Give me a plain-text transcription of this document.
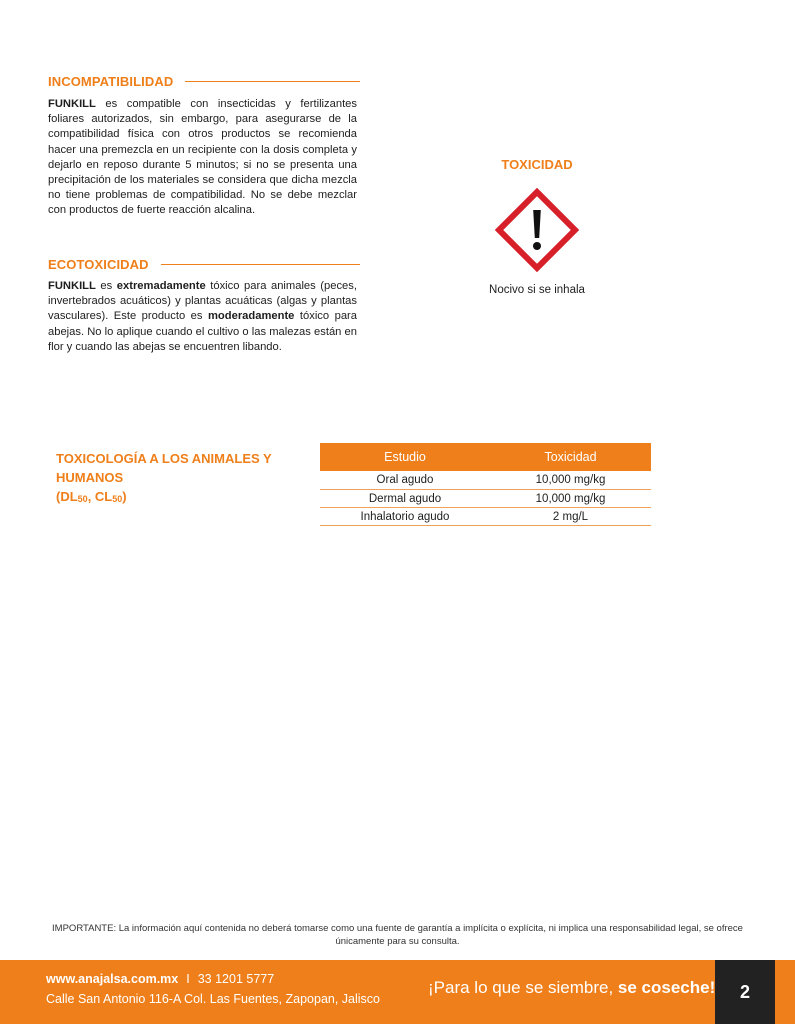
INCOMPATIBILIDAD

FUNKILL es compatible con insecticidas y fertilizantes foliares autorizados, sin embargo, para asegurarse de la compatibilidad física con otros productos se recomienda hacer una premezcla en un recipiente con la dosis completa y dejarlo en reposo durante 5 minutos; si no se presenta una precipitación de los materiales se considera que dicha mezcla no tiene problemas de compatibilidad. No se debe mezclar con productos de fuerte reacción alcalina.

ECOTOXICIDAD

FUNKILL es extremadamente tóxico para animales (peces, invertebrados acuáticos) y plantas acuáticas (algas y plantas vasculares). Este producto es moderadamente tóxico para abejas. No lo aplique cuando el cultivo o las malezas están en flor y cuando las abejas se encuentren libando.

TOXICIDAD
Nocivo si se inhala
TOXICOLOGÍA A LOS ANIMALES Y HUMANOS
($DL_{50}$, $CL_{50}$)
Estudio	Toxicidad
Oral agudo	10,000 mg/kg
Dermal agudo	10,000 mg/kg
Inhalatorio agudo	2 mg/L

IMPORTANTE: La información aquí contenida no deberá tomarse como una fuente de garantía a implícita o explícita, ni implica una responsabilidad legal, se ofrece únicamente para su consulta.

www.anajalsa.com.mx I 33 1201 5777
Calle San Antonio 116-A Col. Las Fuentes, Zapopan, Jalisco
¡Para lo que se siembre, se coseche!	2
